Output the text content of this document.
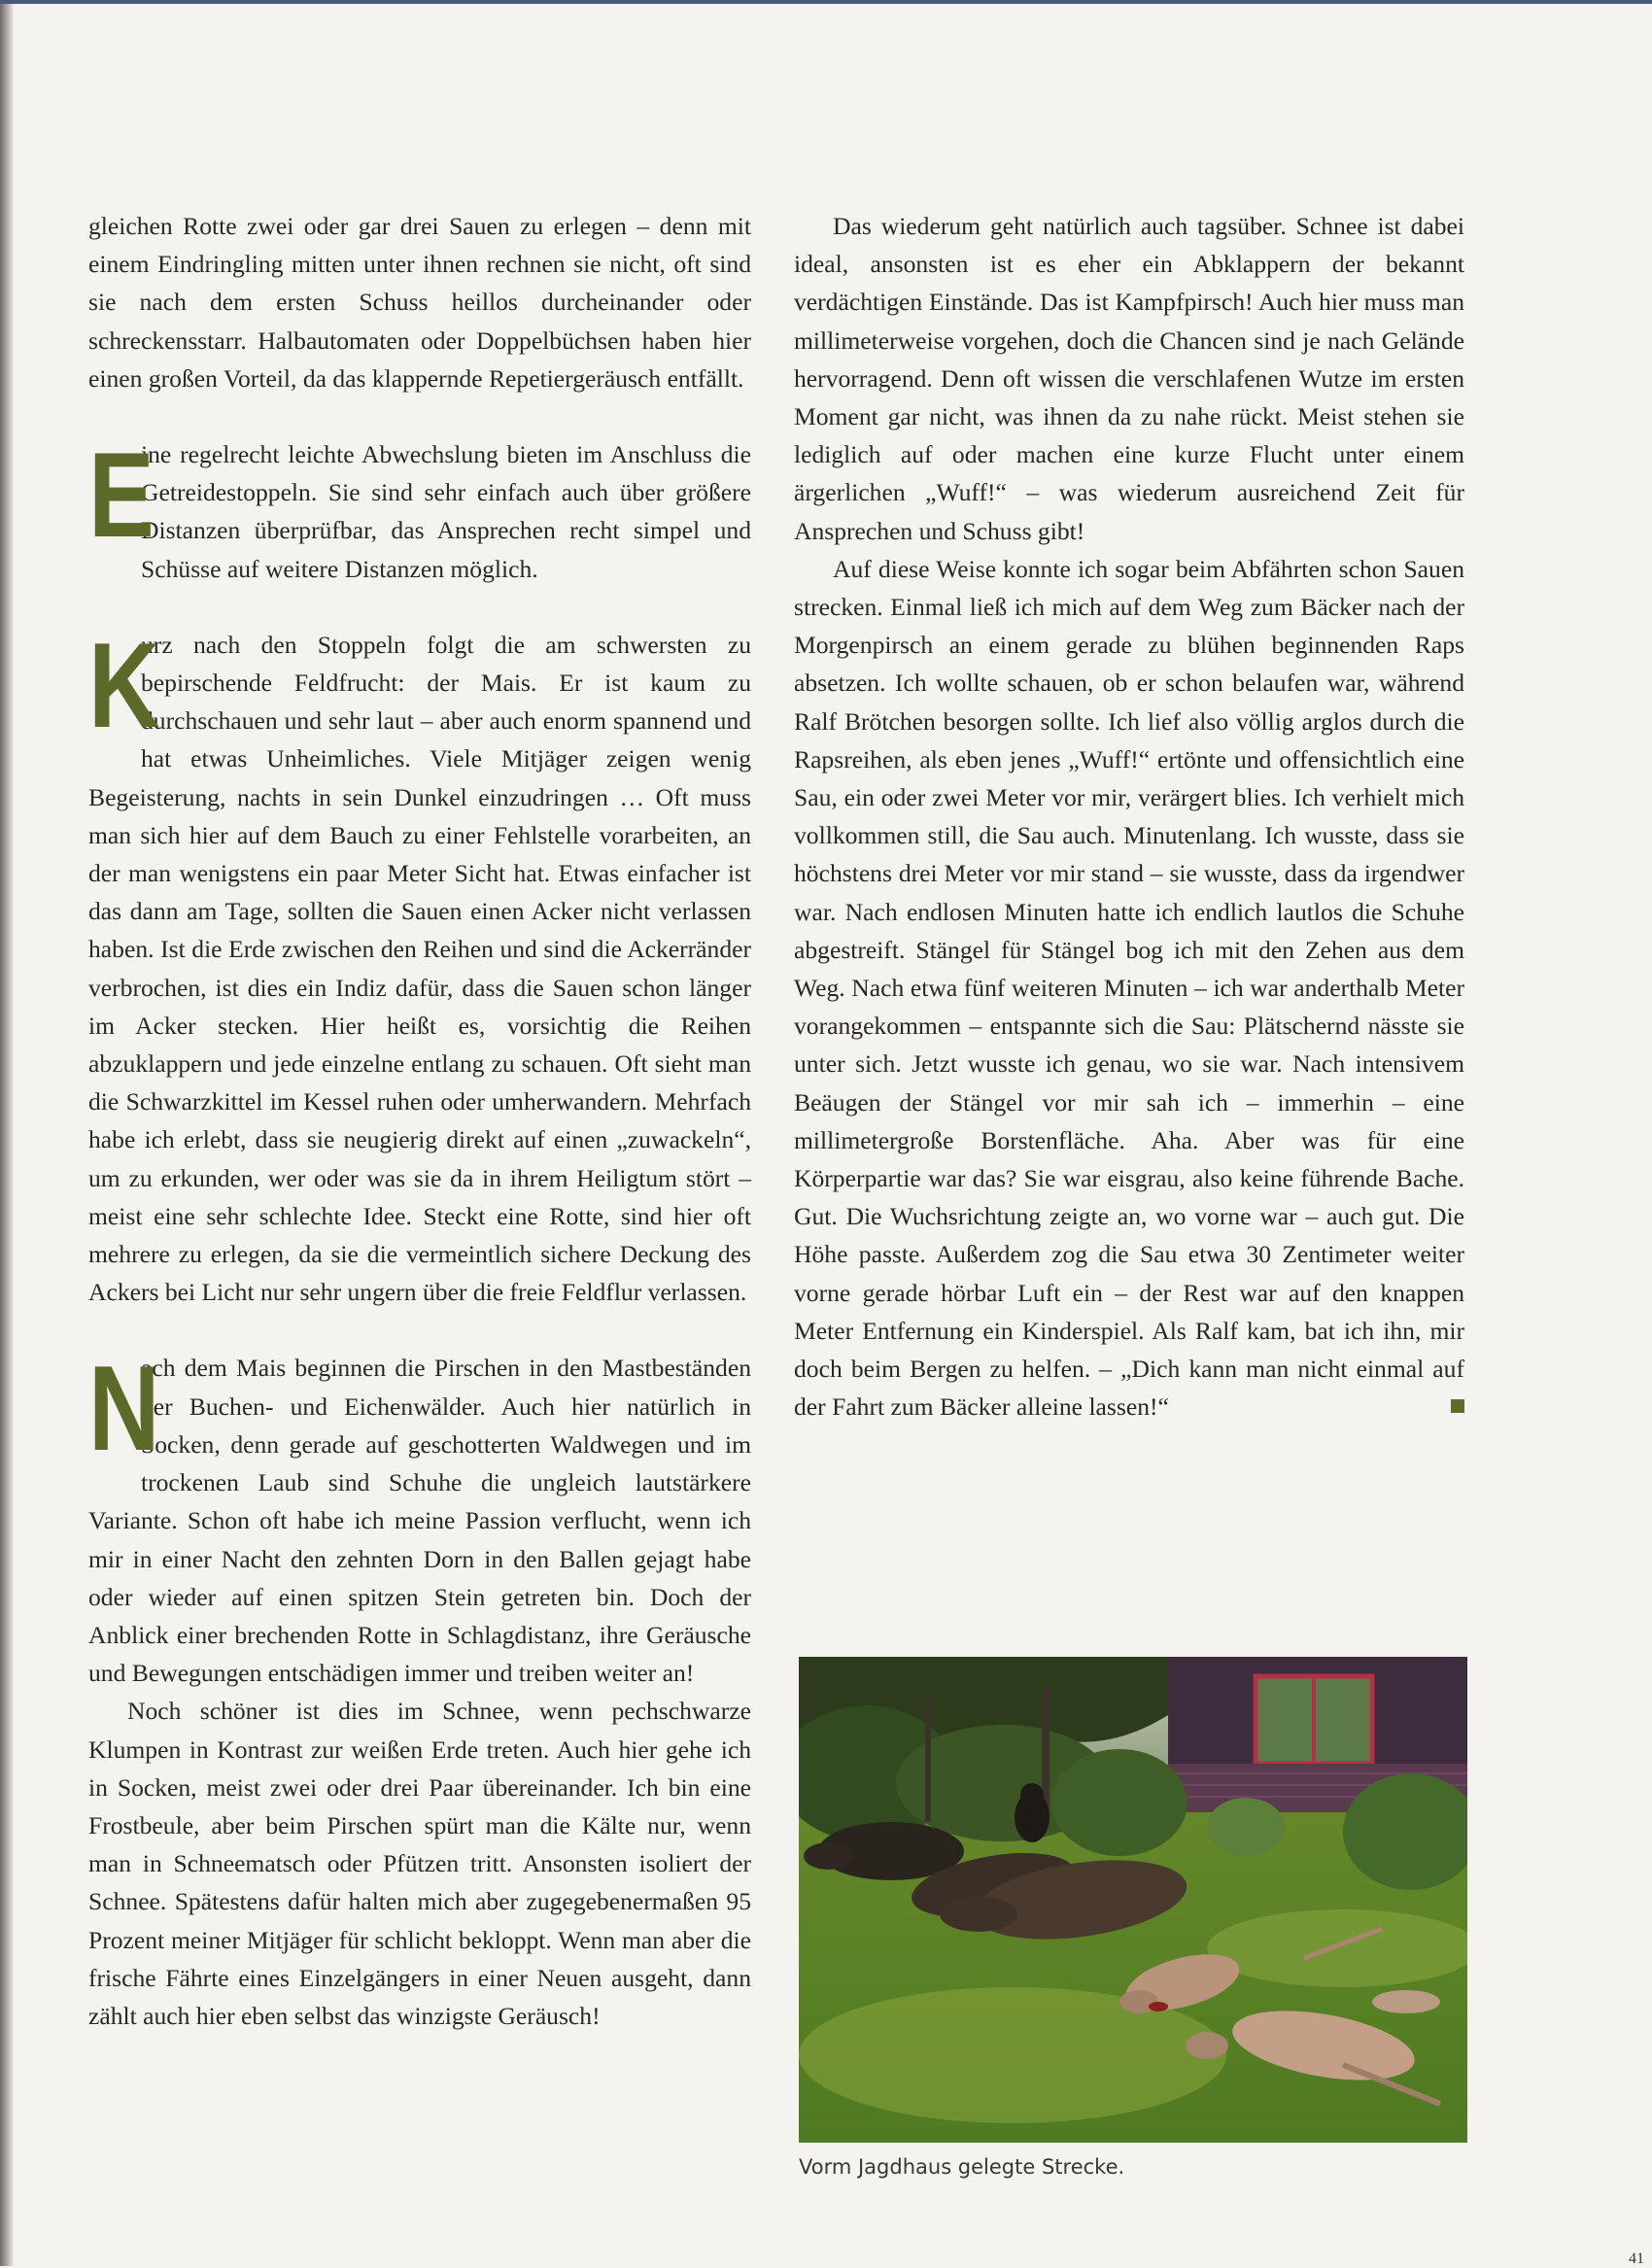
gleichen Rotte zwei oder gar drei Sauen zu erlegen – denn mit einem Eindringling mitten unter ihnen rechnen sie nicht, oft sind sie nach dem ersten Schuss heillos durcheinander oder schreckensstarr. Halbautomaten oder Doppelbüchsen haben hier einen großen Vorteil, da das klappernde Repetiergeräusch entfällt.

E
ine regelrecht leichte Abwechslung bieten im Anschluss die Getreidestoppeln. Sie sind sehr einfach auch über größere Distanzen überprüfbar, das Ansprechen recht simpel und Schüsse auf weitere Distanzen möglich.

K
urz nach den Stoppeln folgt die am schwersten zu bepirschende Feldfrucht: der Mais. Er ist kaum zu durchschauen und sehr laut – aber auch enorm spannend und hat etwas Unheimliches. Viele Mitjäger zeigen wenig Begeisterung, nachts in sein Dunkel einzudringen … Oft muss man sich hier auf dem Bauch zu einer Fehlstelle vorarbeiten, an der man wenigstens ein paar Meter Sicht hat. Etwas einfacher ist das dann am Tage, sollten die Sauen einen Acker nicht verlassen haben. Ist die Erde zwischen den Reihen und sind die Ackerränder verbrochen, ist dies ein Indiz dafür, dass die Sauen schon länger im Acker stecken. Hier heißt es, vorsichtig die Reihen abzuklappern und jede einzelne entlang zu schauen. Oft sieht man die Schwarzkittel im Kessel ruhen oder umherwandern. Mehrfach habe ich erlebt, dass sie neugierig direkt auf einen „zuwackeln“, um zu erkunden, wer oder was sie da in ihrem Heiligtum stört – meist eine sehr schlechte Idee. Steckt eine Rotte, sind hier oft mehrere zu erlegen, da sie die vermeintlich sichere Deckung des Ackers bei Licht nur sehr ungern über die freie Feldflur verlassen.

N
ach dem Mais beginnen die Pirschen in den Mastbeständen der Buchen- und Eichenwälder. Auch hier natürlich in Socken, denn gerade auf geschotterten Waldwegen und im trockenen Laub sind Schuhe die ungleich lautstärkere Variante. Schon oft habe ich meine Passion verflucht, wenn ich mir in einer Nacht den zehnten Dorn in den Ballen gejagt habe oder wieder auf einen spitzen Stein getreten bin. Doch der Anblick einer brechenden Rotte in Schlagdistanz, ihre Geräusche und Bewegungen entschädigen immer und treiben weiter an!

Noch schöner ist dies im Schnee, wenn pechschwarze Klumpen in Kontrast zur weißen Erde treten. Auch hier gehe ich in Socken, meist zwei oder drei Paar übereinander. Ich bin eine Frostbeule, aber beim Pirschen spürt man die Kälte nur, wenn man in Schneematsch oder Pfützen tritt. Ansonsten isoliert der Schnee. Spätestens dafür halten mich aber zugegebenermaßen 95 Prozent meiner Mitjäger für schlicht bekloppt. Wenn man aber die frische Fährte eines Einzelgängers in einer Neuen ausgeht, dann zählt auch hier eben selbst das winzigste Geräusch!

Das wiederum geht natürlich auch tagsüber. Schnee ist dabei ideal, ansonsten ist es eher ein Abklappern der bekannt verdächtigen Einstände. Das ist Kampfpirsch! Auch hier muss man millimeterweise vorgehen, doch die Chancen sind je nach Gelände hervorragend. Denn oft wissen die verschlafenen Wutze im ersten Moment gar nicht, was ihnen da zu nahe rückt. Meist stehen sie lediglich auf oder machen eine kurze Flucht unter einem ärgerlichen „Wuff!“ – was wiederum ausreichend Zeit für Ansprechen und Schuss gibt!

Auf diese Weise konnte ich sogar beim Abfährten schon Sauen strecken. Einmal ließ ich mich auf dem Weg zum Bäcker nach der Morgenpirsch an einem gerade zu blühen beginnenden Raps absetzen. Ich wollte schauen, ob er schon belaufen war, während Ralf Brötchen besorgen sollte. Ich lief also völlig arglos durch die Rapsreihen, als eben jenes „Wuff!“ ertönte und offensichtlich eine Sau, ein oder zwei Meter vor mir, verärgert blies. Ich verhielt mich vollkommen still, die Sau auch. Minutenlang. Ich wusste, dass sie höchstens drei Meter vor mir stand – sie wusste, dass da irgendwer war. Nach endlosen Minuten hatte ich endlich lautlos die Schuhe abgestreift. Stängel für Stängel bog ich mit den Zehen aus dem Weg. Nach etwa fünf weiteren Minuten – ich war anderthalb Meter vorangekommen – entspannte sich die Sau: Plätschernd nässte sie unter sich. Jetzt wusste ich genau, wo sie war. Nach intensivem Beäugen der Stängel vor mir sah ich – immerhin – eine millimetergroße Borstenfläche. Aha. Aber was für eine Körperpartie war das? Sie war eisgrau, also keine führende Bache. Gut. Die Wuchsrichtung zeigte an, wo vorne war – auch gut. Die Höhe passte. Außerdem zog die Sau etwa 30 Zentimeter weiter vorne gerade hörbar Luft ein – der Rest war auf den knappen Meter Entfernung ein Kinderspiel. Als Ralf kam, bat ich ihn, mir doch beim Bergen zu helfen. – „Dich kann man nicht einmal auf der Fahrt zum Bäcker alleine lassen!“

Vorm Jagdhaus gelegte Strecke.
41
